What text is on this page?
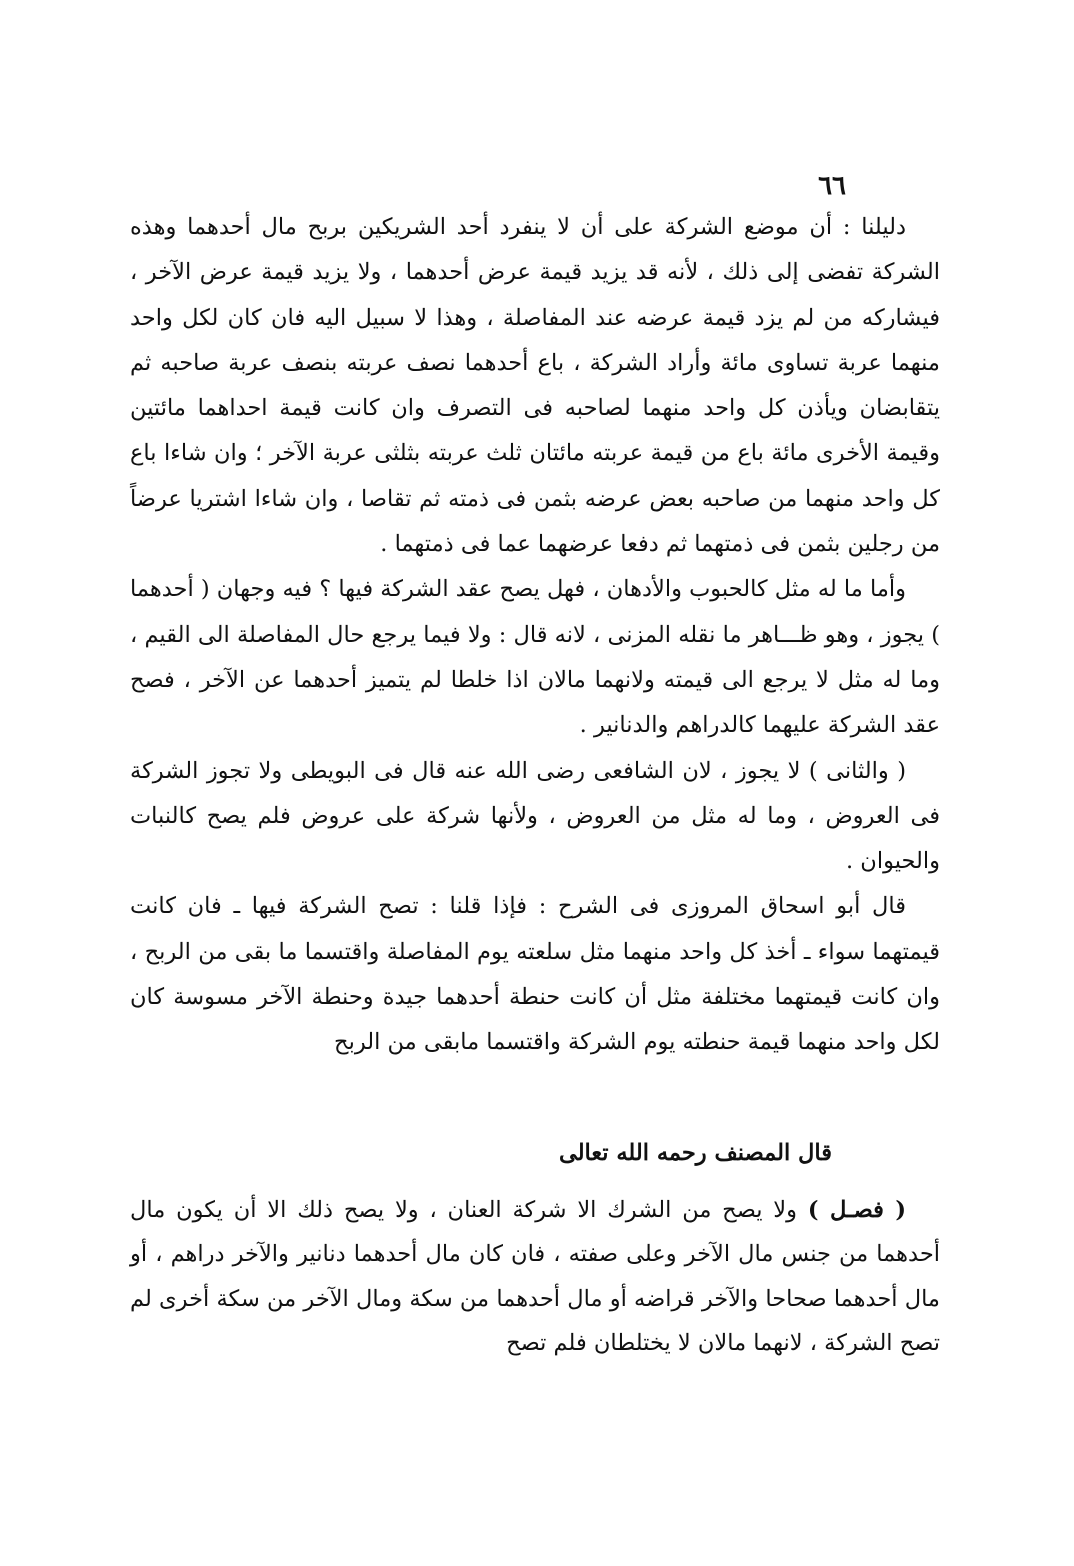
٦٦

دليلنا : أن موضع الشركة على أن لا ينفرد أحد الشريكين بربح مال أحدهما وهذه الشركة تفضى إلى ذلك ، لأنه قد يزيد قيمة عرض أحدهما ، ولا يزيد قيمة عرض الآخر ، فيشاركه من لم يزد قيمة عرضه عند المفاصلة ، وهذا لا سبيل اليه فان كان لكل واحد منهما عربة تساوى مائة وأراد الشركة ، باع أحدهما نصف عربته بنصف عربة صاحبه ثم يتقابضان ويأذن كل واحد منهما لصاحبه فى التصرف وان كانت قيمة احداهما مائتين وقيمة الأخرى مائة باع من قيمة عربته مائتان ثلث عربته بثلثى عربة الآخر ؛ وان شاءا باع كل واحد منهما من صاحبه بعض عرضه بثمن فى ذمته ثم تقاصا ، وان شاءا اشتريا عرضاً من رجلين بثمن فى ذمتهما ثم دفعا عرضهما عما فى ذمتهما .

وأما ما له مثل كالحبوب والأدهان ، فهل يصح عقد الشركة فيها ؟ فيه وجهان ( أحدهما ) يجوز ، وهو ظـــاهر ما نقله المزنى ، لانه قال : ولا فيما يرجع حال المفاصلة الى القيم ، وما له مثل لا يرجع الى قيمته ولانهما مالان اذا خلطا لم يتميز أحدهما عن الآخر ، فصح عقد الشركة عليهما كالدراهم والدنانير .

( والثانى ) لا يجوز ، لان الشافعى رضى الله عنه قال فى البويطى ولا تجوز الشركة فى العروض ، وما له مثل من العروض ، ولأنها شركة على عروض فلم يصح كالنبات والحيوان .

قال أبو اسحاق المروزى فى الشرح : فإذا قلنا : تصح الشركة فيها ـ فان كانت قيمتهما سواء ـ أخذ كل واحد منهما مثل سلعته يوم المفاصلة واقتسما ما بقى من الربح ، وان كانت قيمتهما مختلفة مثل أن كانت حنطة أحدهما جيدة وحنطة الآخر مسوسة كان لكل واحد منهما قيمة حنطته يوم الشركة واقتسما مابقى من الربح

قال المصنف رحمه الله تعالى

( فصـل ) ولا يصح من الشرك الا شركة العنان ، ولا يصح ذلك الا أن يكون مال أحدهما من جنس مال الآخر وعلى صفته ، فان كان مال أحدهما دنانير والآخر دراهم ، أو مال أحدهما صحاحا والآخر قراضه أو مال أحدهما من سكة ومال الآخر من سكة أخرى لم تصح الشركة ، لانهما مالان لا يختلطان فلم تصح
